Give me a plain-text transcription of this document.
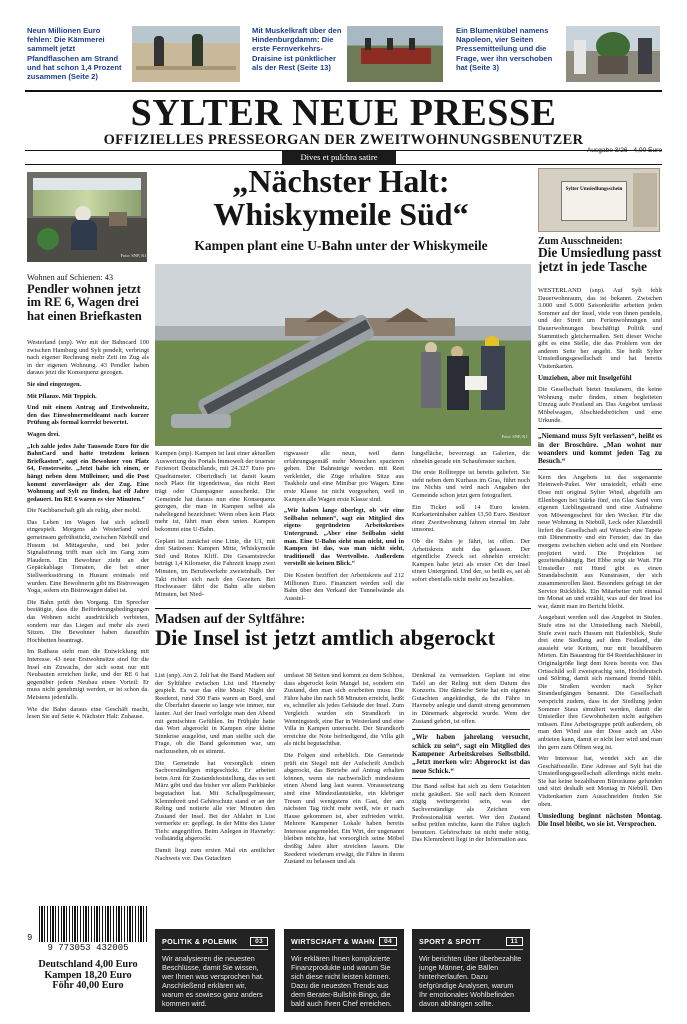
Neun Millionen Euro fehlen: Die Kämmerei sammelt jetzt Pfandflaschen am Strand und hat schon 1,4 Prozent zusammen (Seite 2)
Mit Muskelkraft über den Hindenburgdamm: Die erste Fernverkehrs-Draisine ist pünktlicher als der Rest (Seite 13)
Ein Blumenkübel namens Napoleon, vier Seiten Pressemitteilung und die Frage, wer ihn verschoben hat (Seite 3)
SYLTER NEUE PRESSE
OFFIZIELLES PRESSEORGAN DER ZWEITWOHNUNGSBENUTZER
Dives et pulchra satire
Ausgabe 3/26 - 4,00 Euro
Foto: SNP, KI
Wohnen auf Schienen: 43
Pendler wohnen jetzt im RE 6, Wagen drei hat einen Briefkasten

Westerland (snp). Wer mit der Bahncard 100 zwischen Hamburg und Sylt pendelt, verbringt nach eigener Rechnung mehr Zeit im Zug als in der eigenen Wohnung. 43 Pendler haben daraus jetzt die Konsequenz gezogen.

Sie sind eingezogen.

Mit Pflanze. Mit Teppich.

Und mit einem Antrag auf Erstwohnsitz, den das Einwohnermeldeamt nach kurzer Prüfung als formal korrekt bewertet.

Wagen drei.

„Ich zahle jedes Jahr Tausende Euro für die BahnCard und hatte trotzdem keinen Briefkasten“, sagt ein Bewohner von Platz 64, Fensterseite. „Jetzt habe ich einen, er hängt neben dem Mülleimer, und die Post kommt zuverlässiger als der Zug. Eine Wohnung auf Sylt zu finden, hat elf Jahre gedauert. Im RE 6 waren es vier Minuten.“

Die Nachbarschaft gilt als ruhig, aber mobil.

Das Leben im Wagen hat sich schnell eingespielt. Morgens ab Westerland wird gemeinsam gefrühstückt, zwischen Niebüll und Husum ist Mittagsruhe, und bei jeder Signalstörung trifft man sich im Gang zum Plaudern. Ein Bewohner zieht an der Gepäckablage Tomaten, die bei einer Stellwerksstörung in Husum erstmals reif wurden. Eine Bewohnerin gibt im Bistrowagen Yoga, sofern ein Bistrowagen dabei ist.

Die Bahn prüft den Vorgang. Ein Sprecher bestätigte, dass die Beförderungsbedingungen das Wohnen nicht ausdrücklich verbieten, sondern nur das Liegen auf mehr als zwei Sitzen. Die Bewohner haben daraufhin Hochbetten beantragt.

Im Rathaus sieht man die Entwicklung mit Interesse. 43 neue Erstwohnsitze sind für die Insel ein Zuwachs, der sich sonst nur mit Neubauten erreichen ließe, und der RE 6 hat gegenüber jedem Neubau einen Vorteil: Er muss nicht genehmigt werden, er ist schon da. Meistens jedenfalls.

Wie die Bahn daraus eine Geschäft macht, lesen Sie auf Seite 4. Nächster Halt: Zuhause.

9
9 773053 432005
Deutschland 4,00 Euro
Kampen 18,20 Euro
Föhr 40,00 Euro
„Nächster Halt: Whiskymeile Süd“
Kampen plant eine U-Bahn unter der Whiskymeile
Foto: SNP, KI

Kampen (snp). Kampen ist laut einer aktuellen Auswertung des Portals Immowelt der teuerste Ferienort Deutschlands, mit 24.327 Euro pro Quadratmeter. Oberirdisch ist damit kaum noch Platz für irgendetwas, das nicht Reet trägt oder Champagner ausschenkt. Die Gemeinde hat daraus nun eine Konsequenz gezogen, die man in Kampen selbst als naheliegend bezeichnet: Wenn oben kein Platz mehr ist, fährt man eben unten. Kampen bekommt eine U-Bahn.

Geplant ist zunächst eine Linie, die U1, mit drei Stationen: Kampen Mitte, Whiskymeile Süd und Rotes Kliff. Die Gesamtstrecke beträgt 1,4 Kilometer, die Fahrzeit knapp zwei Minuten, im Berufsverkehr zweieinhalb. Der Takt richtet sich nach den Gezeiten. Bei Hochwasser fährt die Bahn alle sieben Minuten, bei Nied-

rigwasser alle neun, weil dann erfahrungsgemäß mehr Menschen spazieren gehen. Die Bahnsteige werden mit Reet verkleidet, die Züge erhalten Sitze aus Teakholz und eine Minibar pro Wagen. Eine erste Klasse ist nicht vorgesehen, weil in Kampen alle Wagen erste Klasse sind.

„Wir haben lange überlegt, ob wir eine Seilbahn nehmen“, sagt ein Mitglied des eigens gegründeten Arbeitskreises Untergrund. „Aber eine Seilbahn sieht man. Eine U-Bahn sieht man nicht, und in Kampen ist das, was man nicht sieht, traditionell das Wertvollste. Außerdem verstellt sie keinen Blick.“

Die Kosten beziffert der Arbeitskreis auf 212 Millionen Euro. Finanziert werden soll die Bahn über den Verkauf der Tunnelwände als Ausstel-

lungsfläche, bevorzugt an Galerien, die ohnehin gerade ein Schaufenster suchen.

Die erste Rolltreppe ist bereits geliefert. Sie steht neben dem Kurhaus im Gras, führt noch ins Nichts und wird nach Angaben der Gemeinde schon jetzt gern fotografiert.

Ein Ticket soll 14 Euro kosten. Kurkarteninhaber zahlen 13,50 Euro. Besitzer einer Zweitwohnung fahren einmal im Jahr umsonst.

Ob die Bahn je fährt, ist offen. Der Arbeitskreis sieht das gelassen. Der eigentliche Zweck sei ohnehin erreicht: Kampen habe jetzt als erster Ort der Insel einen Untergrund. Und der, so heißt es, sei ab sofort ebenfalls nicht mehr zu bezahlen.

Madsen auf der Syltfähre:
Die Insel ist jetzt amtlich abgerockt

List (snp). Am 2. Juli hat die Band Madsen auf der Syltfähre zwischen List und Havneby gespielt. Es war das elite Music Night der Reederei, rund 350 Fans waren an Bord, und die Überfahrt dauerte so lange wie immer, nur lauter. Auf der Insel verfolgte man den Abend mit gemischten Gefühlen. Im Frühjahr hatte das Wort abgerockt in Kampen eine kleine Sinnkrise ausgelöst, und man stellte sich die Frage, ob die Band gekommen war, um nachzusehen, ob es stimmt.

Die Gemeinde hat vorsorglich einen Sachverständigen mitgeschickt. Er arbeitet beim Amt für Zustandsfeststellung, das es seit März gibt und das bisher vor allem Parkbänke begutachtet hat. Mit Schallpegelmesser, Klemmbrett und Gehörschutz stand er an der Reling und notierte alle vier Minuten den Zustand der Insel. Bei der Ablahrt in List vermerkte er: gepflegt. In der Mitte des Lister Tiefs: angegriffen. Beim Anlegen in Havneby: vollständig abgerockt.

Damit liegt zum ersten Mal ein amtlicher Nachweis vor. Das Gutachten

umfasst 38 Seiten und kommt zu dem Schluss, dass abgerockt kein Mangel ist, sondern ein Zustand, den man sich erarbeiten muss. Die Fähre habe ihn nach 58 Minuten erreicht, heißt es, schneller als jedes Gebäude der Insel. Zum Vergleich wurden ein Strandkorb in Wenningstedt, eine Bar in Westerland und eine Villa in Kampen untersucht. Der Strandkorb erreichte die Note befriedigend, die Villa gilt als nicht begutachtbar.

Die Folgen sind erheblich. Die Gemeinde prüft ein Siegel mit der Aufschrift Amtlich abgerockt, das Betriebe auf Antrag erhalten können, wenn sie nachweislich mindestens einen Abend lang laut waren. Voraussetzung sind eine Mindestlautstärke, ein klebriger Tresen und wenigstens ein Gast, der am nächsten Tag nicht mehr weiß, wie er nach Hause gekommen ist, aber zufrieden wirkt. Mehrere Kampener Lokale haben bereits Interesse angemeldet. Ein Wirt, der ungenannt bleiben möchte, hat vorsorglich seine Möbel dreißig Jahre älter streichen lassen. Die Reederei wiederum erwägt, die Fähre in ihrem Zustand zu belassen und als

Denkmal zu vermarkten. Geplant ist eine Tafel an der Reling mit dem Datum des Konzerts. Die dänische Seite hat ein eigenes Gutachten angekündigt, da die Fähre in Havneby anlegte und damit streng genommen in Dänemark abgerockt wurde. Wem der Zustand gehört, ist offen.

„Wir haben jahrelang versucht, schick zu sein“, sagt ein Mitglied des Kampener Arbeitskreises Selbstbild. „Jetzt merken wir: Abgerockt ist das neue Schick.“

Die Band selbst hat sich zu dem Gutachten nicht geäußert. Sie soll nach dem Konzert zügig weitergereist sein, was der Sachverständige als Zeichen von Professionalität wertet. Wer den Zustand selbst prüfen möchte, kann die Fähre täglich benutzen. Gehörschutz ist nicht mehr nötig. Das Klemmbrett liegt in der Information aus.

Sylter Umsiedlungsschein
Zum Ausschneiden:
Die Umsiedlung passt jetzt in jede Tasche

WESTERLAND (snp). Auf Sylt fehlt Dauerwohnraum, das ist bekannt. Zwischen 3.000 und 5.000 Saisonkräfte arbeiten jeden Sommer auf der Insel, viele von ihnen pendeln, und der Streit um Ferienwohnungen und Dauerwohnungen beschäftigt Politik und Stammtisch gleichermaßen. Seit dieser Woche gibt es eine Stelle, die das Problem von der anderen Seite her angeht. Sie heißt Sylter Umsiedlungsgesellschaft und hat bereits Visitenkarten.

Umziehen, aber mit Inselgefühl

Die Gesellschaft bietet Insulanern, die keine Wohnung mehr finden, einen begleiteten Umzug aufs Festland an. Das Angebot umfasst Möbelwagen, Abschiedsbrötchen und eine Urkunde.

„Niemand muss Sylt verlassen“, heißt es in der Broschüre. „Man wohnt nur woanders und kommt jeden Tag zu Besuch.“

Kern des Angebots ist das sogenannte Heimweh-Paket. Wer umsiedelt, erhält eine Dose mit original Sylter Wind, abgefüllt am Ellenbogen bei Stärke fünf, ein Glas Sand vom eigenen Lieblingsstrand und eine Aufnahme von Möwengeschrei für den Wecker. Für die neue Wohnung in Niebüll, Leck oder Klanxbüll liefert die Gesellschaft auf Wunsch eine Tapete mit Dünenmotiv und ein Fenster, das in das morgens zwischen sieben acht und ein Nordsee projiziert wird. Die Projektion ist gezeitenabhängig. Bei Ebbe zeigt sie Watt. Für Umsiedler mit Hund gibt es einen Strandabschnitt aus Kunstrasen, der sich zusammenrollen lässt. Besonders gefragt ist der Service Rückblick. Ein Mitarbeiter ruft einmal im Monat an und erzählt, was auf der Insel los war, damit man im Bericht bleibt.

Ausgebaut werden soll das Angebot in Stufen. Stufe eins ist die Umsiedlung nach Niebüll, Stufe zwei nach Husum mit Hafenblick, Stufe drei eine Siedlung auf dem Festland, die aussieht wie Keitum, nur mit bezahlbaren Mieten. Ein Bauantrag für 84 Reetdachhäuser in Originalgröße liegt dem Kreis bereits vor. Das Ortsschild soll zweisprachig sein, Hochdeutsch und Sölring, damit sich niemand fremd fühlt. Die Straßen werden nach Sylter Strandaufgängen benannt. Die Gesellschaft verspricht zudem, dass in der Siedlung jeden Sommer Staus simuliert werden, damit die Umsiedler ihre Gewohnheiten nicht aufgeben müssen. Eine Arbeitsgruppe prüft außerdem, ob man den Wind aus der Dose auch an Abo anbieten kann, damit er nicht leer wird und man ihn gern zum Öffnen weg ist.

Wer Interesse hat, wendet sich an die Geschäftsstelle. Eine Adresse auf Sylt hat die Umsiedlungsgesellschaft allerdings nicht mehr. Sie hat keine bezahlbaren Büroräume gefunden und sitzt deshalb seit Montag in Niebüll. Den Visitenkarten zum Ausschneiden finden Sie oben.

Umsiedlung beginnt nächsten Montag. Die Insel bleibt, wo sie ist. Versprochen.

POLITIK & POLEMIK	03
Wir analysieren die neuesten Beschlüsse, damit Sie wissen, wer Ihnen was versprochen hat. Anschließend erklären wir, warum es sowieso ganz anders kommen wird.
WIRTSCHAFT & WAHN	04
Wir erklären Ihnen komplizierte Finanzprodukte und warum Sie sich diese nicht leisten können. Dazu die neuesten Trends aus dem Berater-Bullshit-Bingo, die bald auch Ihren Chef erreichen.
SPORT & SPOTT	11
Wir berichten über überbezahlte junge Männer, die Bällen hinterherlaufen. Dazu tiefgründige Analysen, warum Ihr emotionales Wohlbefinden davon abhängen sollte.
